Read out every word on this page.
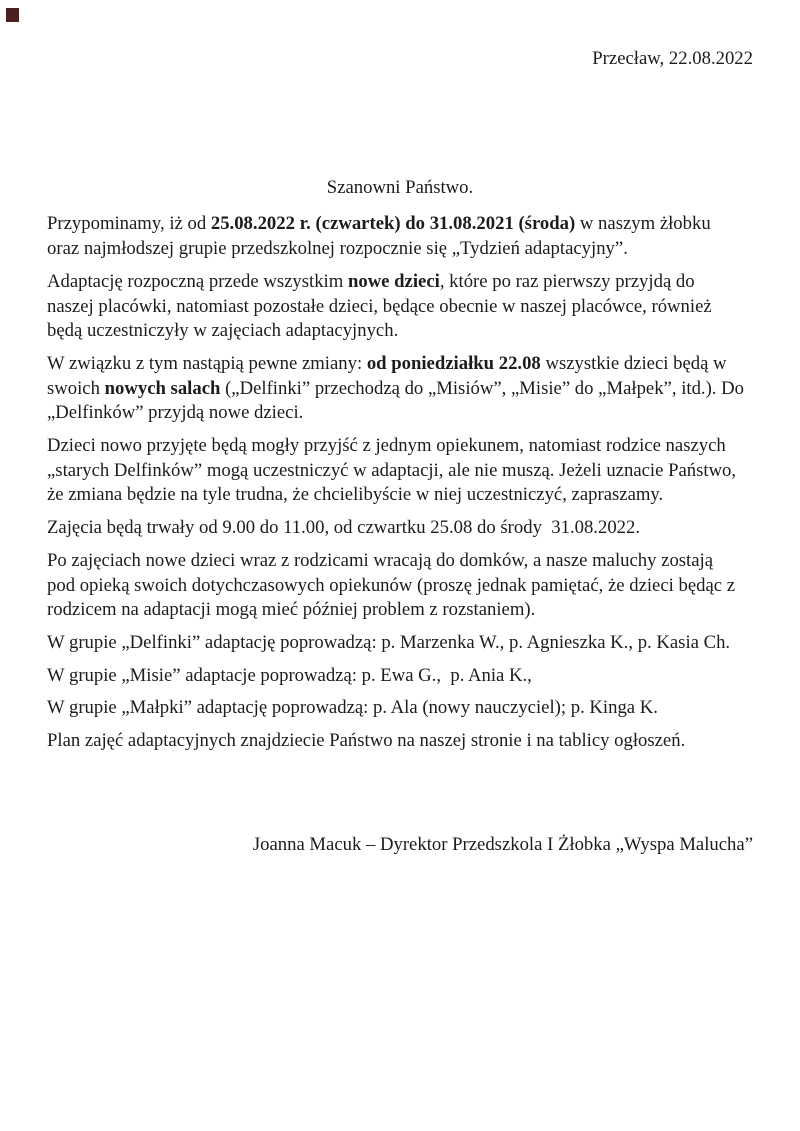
Przecław, 22.08.2022
Szanowni Państwo.

Przypominamy, iż od 25.08.2022 r. (czwartek) do 31.08.2021 (środa) w naszym żłobku
oraz najmłodszej grupie przedszkolnej rozpocznie się „Tydzień adaptacyjny”.

Adaptację rozpoczną przede wszystkim nowe dzieci, które po raz pierwszy przyjdą do
naszej placówki, natomiast pozostałe dzieci, będące obecnie w naszej placówce, również
będą uczestniczyły w zajęciach adaptacyjnych.

W związku z tym nastąpią pewne zmiany: od poniedziałku 22.08 wszystkie dzieci będą w
swoich nowych salach („Delfinki” przechodzą do „Misiów”, „Misie” do „Małpek”, itd.). Do
„Delfinków” przyjdą nowe dzieci.

Dzieci nowo przyjęte będą mogły przyjść z jednym opiekunem, natomiast rodzice naszych
„starych Delfinków” mogą uczestniczyć w adaptacji, ale nie muszą. Jeżeli uznacie Państwo,
że zmiana będzie na tyle trudna, że chcielibyście w niej uczestniczyć, zapraszamy.

Zajęcia będą trwały od 9.00 do 11.00, od czwartku 25.08 do środy  31.08.2022.

Po zajęciach nowe dzieci wraz z rodzicami wracają do domków, a nasze maluchy zostają
pod opieką swoich dotychczasowych opiekunów (proszę jednak pamiętać, że dzieci będąc z
rodzicem na adaptacji mogą mieć później problem z rozstaniem).

W grupie „Delfinki” adaptację poprowadzą: p. Marzenka W., p. Agnieszka K., p. Kasia Ch.

W grupie „Misie” adaptacje poprowadzą: p. Ewa G.,  p. Ania K.,

W grupie „Małpki” adaptację poprowadzą: p. Ala (nowy nauczyciel); p. Kinga K.

Plan zajęć adaptacyjnych znajdziecie Państwo na naszej stronie i na tablicy ogłoszeń.

Joanna Macuk – Dyrektor Przedszkola I Żłobka „Wyspa Malucha”
